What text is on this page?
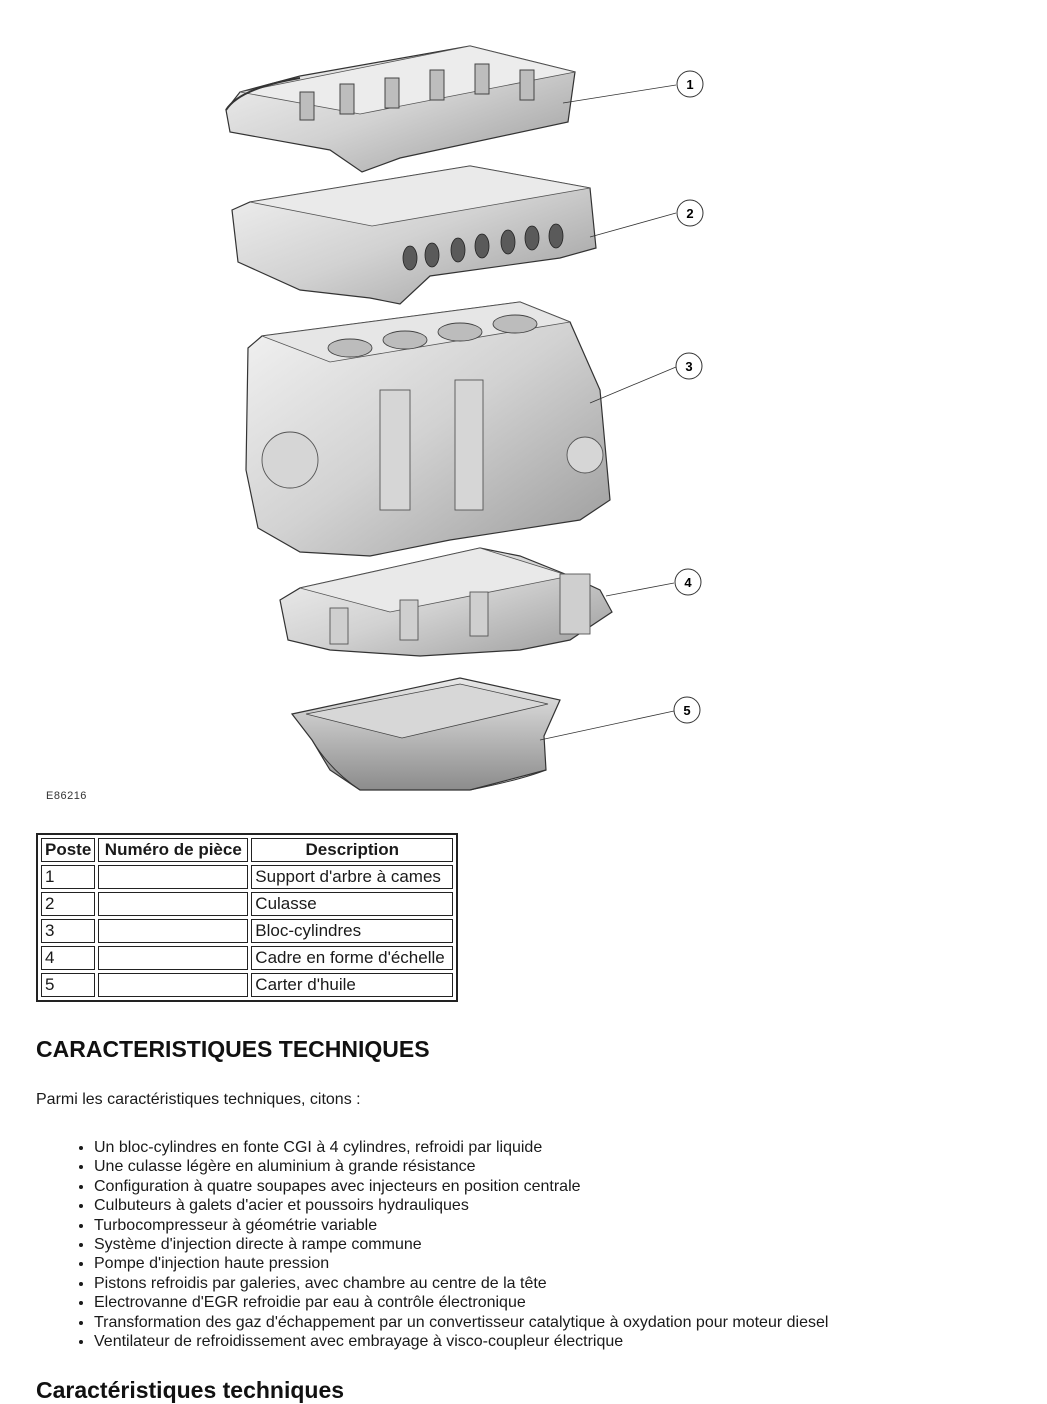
1
2
3
4
5
E86216
Poste	Numéro de pièce	Description
1		Support d'arbre à cames
2		Culasse
3		Bloc-cylindres
4		Cadre en forme d'échelle
5		Carter d'huile
CARACTERISTIQUES TECHNIQUES

Parmi les caractéristiques techniques, citons :

• Un bloc-cylindres en fonte CGI à 4 cylindres, refroidi par liquide
• Une culasse légère en aluminium à grande résistance
• Configuration à quatre soupapes avec injecteurs en position centrale
• Culbuteurs à galets d'acier et poussoirs hydrauliques
• Turbocompresseur à géométrie variable
• Système d'injection directe à rampe commune
• Pompe d'injection haute pression
• Pistons refroidis par galeries, avec chambre au centre de la tête
• Electrovanne d'EGR refroidie par eau à contrôle électronique
• Transformation des gaz d'échappement par un convertisseur catalytique à oxydation pour moteur diesel
• Ventilateur de refroidissement avec embrayage à visco-coupleur électrique
Caractéristiques techniques
